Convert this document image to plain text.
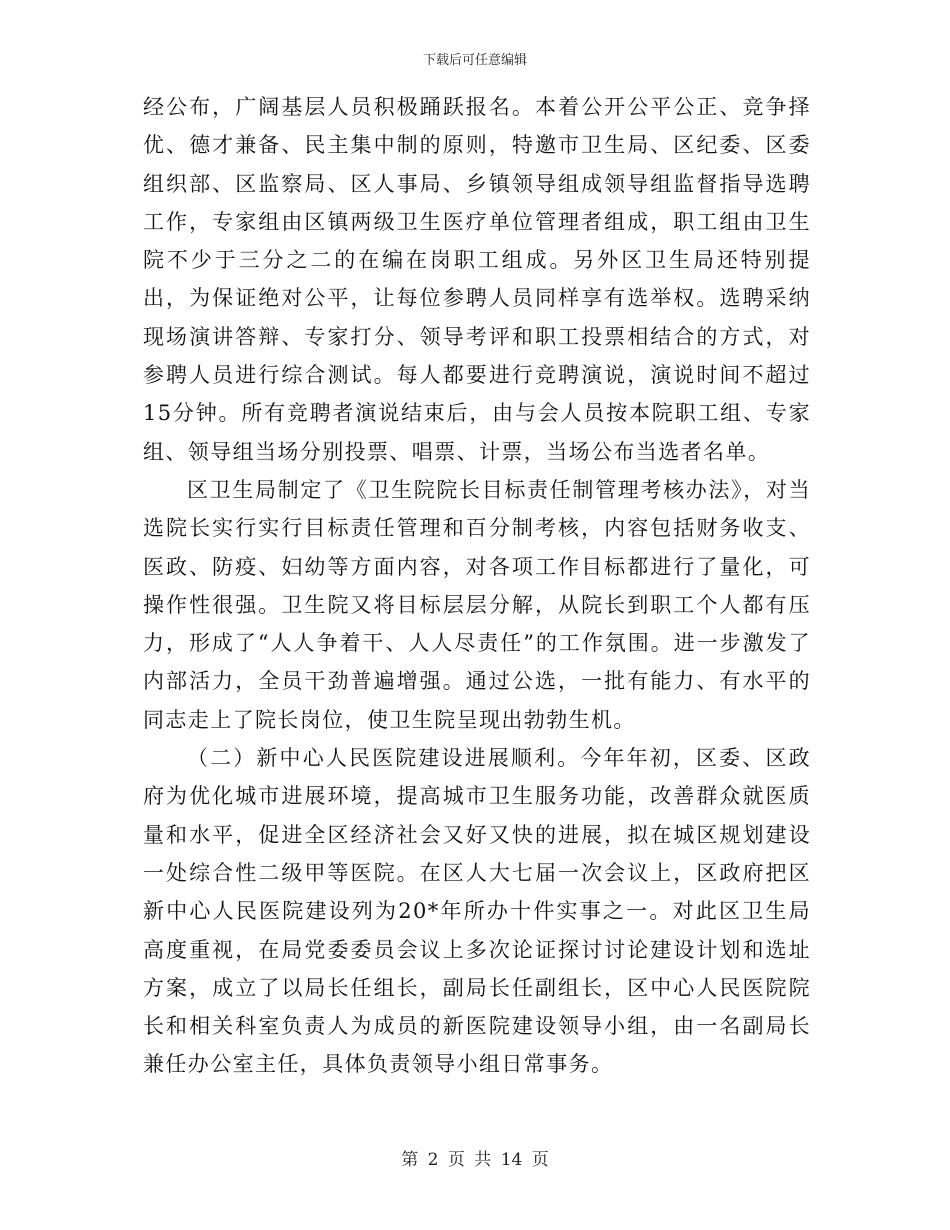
下载后可任意编辑

经公布，广阔基层人员积极踊跃报名。本着公开公平公正、竞争择优、德才兼备、民主集中制的原则，特邀市卫生局、区纪委、区委组织部、区监察局、区人事局、乡镇领导组成领导组监督指导选聘工作，专家组由区镇两级卫生医疗单位管理者组成，职工组由卫生院不少于三分之二的在编在岗职工组成。另外区卫生局还特别提出，为保证绝对公平，让每位参聘人员同样享有选举权。选聘采纳现场演讲答辩、专家打分、领导考评和职工投票相结合的方式，对参聘人员进行综合测试。每人都要进行竞聘演说，演说时间不超过15分钟。所有竞聘者演说结束后，由与会人员按本院职工组、专家组、领导组当场分别投票、唱票、计票，当场公布当选者名单。

区卫生局制定了《卫生院院长目标责任制管理考核办法》，对当选院长实行实行目标责任管理和百分制考核，内容包括财务收支、医政、防疫、妇幼等方面内容，对各项工作目标都进行了量化，可操作性很强。卫生院又将目标层层分解，从院长到职工个人都有压力，形成了“人人争着干、人人尽责任”的工作氛围。进一步激发了内部活力，全员干劲普遍增强。通过公选，一批有能力、有水平的同志走上了院长岗位，使卫生院呈现出勃勃生机。

（二）新中心人民医院建设进展顺利。今年年初，区委、区政府为优化城市进展环境，提高城市卫生服务功能，改善群众就医质量和水平，促进全区经济社会又好又快的进展，拟在城区规划建设一处综合性二级甲等医院。在区人大七届一次会议上，区政府把区新中心人民医院建设列为20*年所办十件实事之一。对此区卫生局高度重视，在局党委委员会议上多次论证探讨讨论建设计划和选址方案，成立了以局长任组长，副局长任副组长，区中心人民医院院长和相关科室负责人为成员的新医院建设领导小组，由一名副局长兼任办公室主任，具体负责领导小组日常事务。

第 2 页 共 14 页
